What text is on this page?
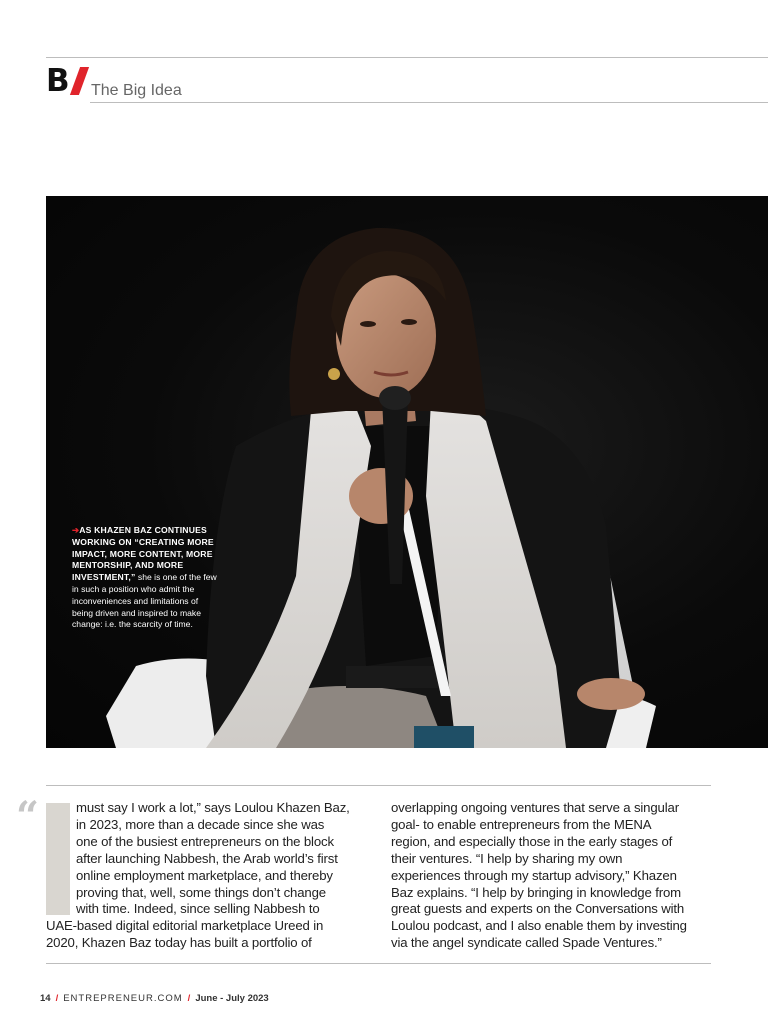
B The Big Idea
➔AS KHAZEN BAZ CONTINUES WORKING ON “CREATING MORE IMPACT, MORE CONTENT, MORE MENTORSHIP, AND MORE INVESTMENT,” she is one of the few in such a position who admit the inconveniences and limitations of being driven and inspired to make change: i.e. the scarcity of time.
“	must say I work a lot,” says Loulou Khazen Baz,
in 2023, more than a decade since she was
one of the busiest entrepreneurs on the block
after launching Nabbesh, the Arab world’s first
online employment marketplace, and thereby
proving that, well, some things don’t change
with time. Indeed, since selling Nabbesh to
UAE-based digital editorial marketplace Ureed in
2020, Khazen Baz today has built a portfolio of
overlapping ongoing ventures that serve a singular
goal- to enable entrepreneurs from the MENA
region, and especially those in the early stages of
their ventures. “I help by sharing my own
experiences through my startup advisory,” Khazen
Baz explains. “I help by bringing in knowledge from
great guests and experts on the Conversations with
Loulou podcast, and I also enable them by investing
via the angel syndicate called Spade Ventures.”
14 / ENTREPRENEUR.COM / June - July 2023
